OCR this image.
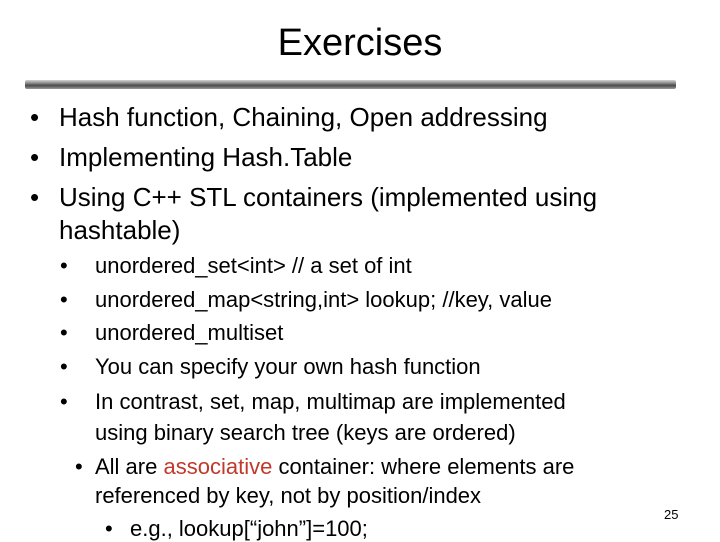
Exercises
• Hash function, Chaining, Open addressing
• Implementing Hash.Table
• Using C++ STL containers (implemented using
hashtable)
• unordered_set<int> // a set of int
• unordered_map<string,int> lookup; //key, value
• unordered_multiset
• You can specify your own hash function
• In contrast, set, map, multimap are implemented
using binary search tree (keys are ordered)
• All are associative container: where elements are
referenced by key, not by position/index
• e.g., lookup[“john”]=100;
25
